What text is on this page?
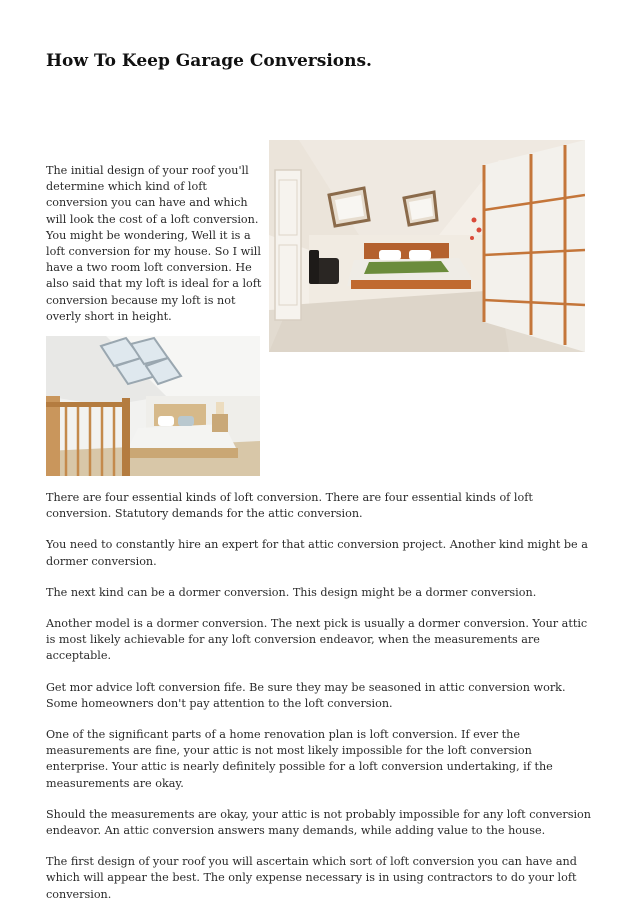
How To Keep Garage Conversions.
The initial design of your roof you'll determine which kind of loft conversion you can have and which will look the cost of a loft conversion. You might be wondering, Well it is a loft conversion for my house. So I will have a two room loft conversion. He also said that my loft is ideal for a loft conversion because my loft is not overly short in height.

There are four essential kinds of loft conversion. There are four essential kinds of loft conversion. Statutory demands for the attic conversion.

You need to constantly hire an expert for that attic conversion project. Another kind might be a dormer conversion.

The next kind can be a dormer conversion. This design might be a dormer conversion.

Another model is a dormer conversion. The next pick is usually a dormer conversion. Your attic is most likely achievable for any loft conversion endeavor, when the measurements are acceptable.

Get mor advice loft conversion fife. Be sure they may be seasoned in attic conversion work. Some homeowners don't pay attention to the loft conversion.

One of the significant parts of a home renovation plan is loft conversion. If ever the measurements are fine, your attic is not most likely impossible for the loft conversion enterprise. Your attic is nearly definitely possible for a loft conversion undertaking, if the measurements are okay.

Should the measurements are okay, your attic is not probably impossible for any loft conversion endeavor. An attic conversion answers many demands, while adding value to the house.

The first design of your roof you will ascertain which sort of loft conversion you can have and which will appear the best. The only expense necessary is in using contractors to do your loft conversion.
